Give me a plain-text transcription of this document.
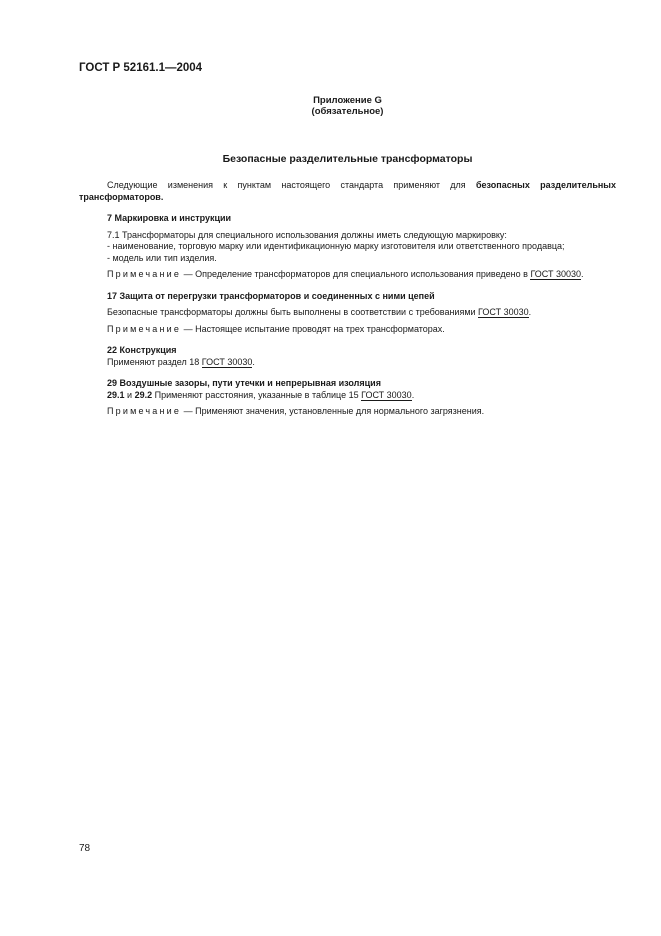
ГОСТ Р 52161.1—2004
Приложение G
(обязательное)
Безопасные разделительные трансформаторы

Следующие изменения к пунктам настоящего стандарта применяют для безопасных разделительных трансформаторов.

7 Маркировка и инструкции

7.1 Трансформаторы для специального использования должны иметь следующую маркировку:

- наименование, торговую марку или идентификационную марку изготовителя или ответственного продавца;

- модель или тип изделия.

Примечание — Определение трансформаторов для специального использования приведено в ГОСТ 30030.

17 Защита от перегрузки трансформаторов и соединенных с ними цепей

Безопасные трансформаторы должны быть выполнены в соответствии с требованиями ГОСТ 30030.

Примечание — Настоящее испытание проводят на трех трансформаторах.

22 Конструкция

Применяют раздел 18 ГОСТ 30030.

29 Воздушные зазоры, пути утечки и непрерывная изоляция

29.1 и 29.2 Применяют расстояния, указанные в таблице 15 ГОСТ 30030.

Примечание — Применяют значения, установленные для нормального загрязнения.

78
